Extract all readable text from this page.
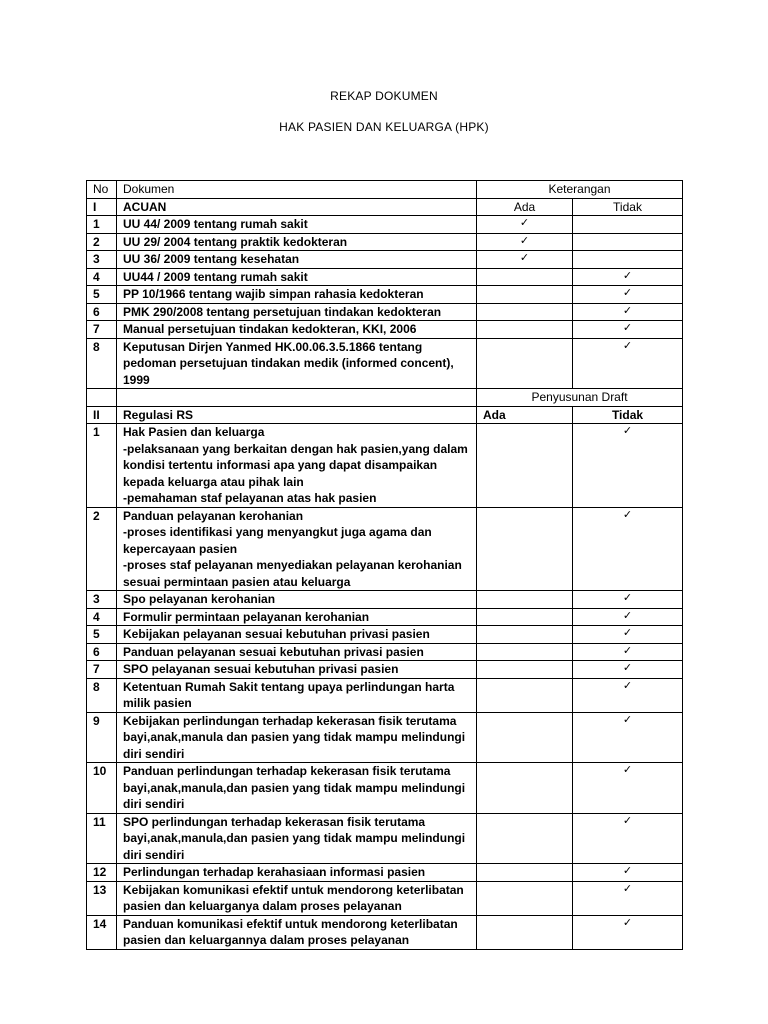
REKAP DOKUMEN
HAK PASIEN DAN KELUARGA (HPK)
No	Dokumen	Keterangan	
I	ACUAN	Ada	Tidak
1	UU 44/ 2009 tentang rumah sakit	✓	
2	UU 29/ 2004 tentang praktik kedokteran	✓	
3	UU 36/ 2009 tentang kesehatan	✓	
4	UU44 / 2009 tentang rumah sakit		✓
5	PP 10/1966 tentang wajib simpan rahasia kedokteran		✓
6	PMK 290/2008 tentang persetujuan tindakan kedokteran		✓
7	Manual persetujuan tindakan kedokteran, KKI, 2006		✓
8	Keputusan Dirjen Yanmed HK.00.06.3.5.1866 tentang pedoman persetujuan tindakan medik (informed concent), 1999		✓
		Penyusunan Draft	
II	Regulasi RS	Ada	Tidak
1	Hak Pasien dan keluarga
-pelaksanaan yang berkaitan dengan hak pasien,yang dalam kondisi tertentu informasi apa yang dapat disampaikan kepada keluarga atau pihak lain
-pemahaman staf pelayanan atas hak pasien		✓
2	Panduan pelayanan kerohanian
-proses identifikasi yang menyangkut juga agama dan kepercayaan pasien
-proses staf pelayanan menyediakan pelayanan kerohanian sesuai permintaan pasien atau keluarga		✓
3	Spo pelayanan kerohanian		✓
4	Formulir permintaan pelayanan kerohanian		✓
5	Kebijakan pelayanan sesuai kebutuhan privasi pasien		✓
6	Panduan pelayanan sesuai kebutuhan privasi pasien		✓
7	SPO pelayanan sesuai kebutuhan privasi pasien		✓
8	Ketentuan Rumah Sakit tentang upaya perlindungan harta milik pasien		✓
9	Kebijakan perlindungan terhadap kekerasan fisik terutama bayi,anak,manula dan pasien yang tidak mampu melindungi diri sendiri		✓
10	Panduan perlindungan terhadap kekerasan fisik terutama bayi,anak,manula,dan pasien yang tidak mampu melindungi diri sendiri		✓
11	SPO perlindungan terhadap kekerasan fisik terutama bayi,anak,manula,dan pasien yang tidak mampu melindungi diri sendiri		✓
12	Perlindungan terhadap kerahasiaan informasi pasien		✓
13	Kebijakan komunikasi efektif untuk mendorong keterlibatan pasien dan keluarganya dalam proses pelayanan		✓
14	Panduan komunikasi efektif untuk mendorong keterlibatan pasien dan keluargannya dalam proses pelayanan		✓
